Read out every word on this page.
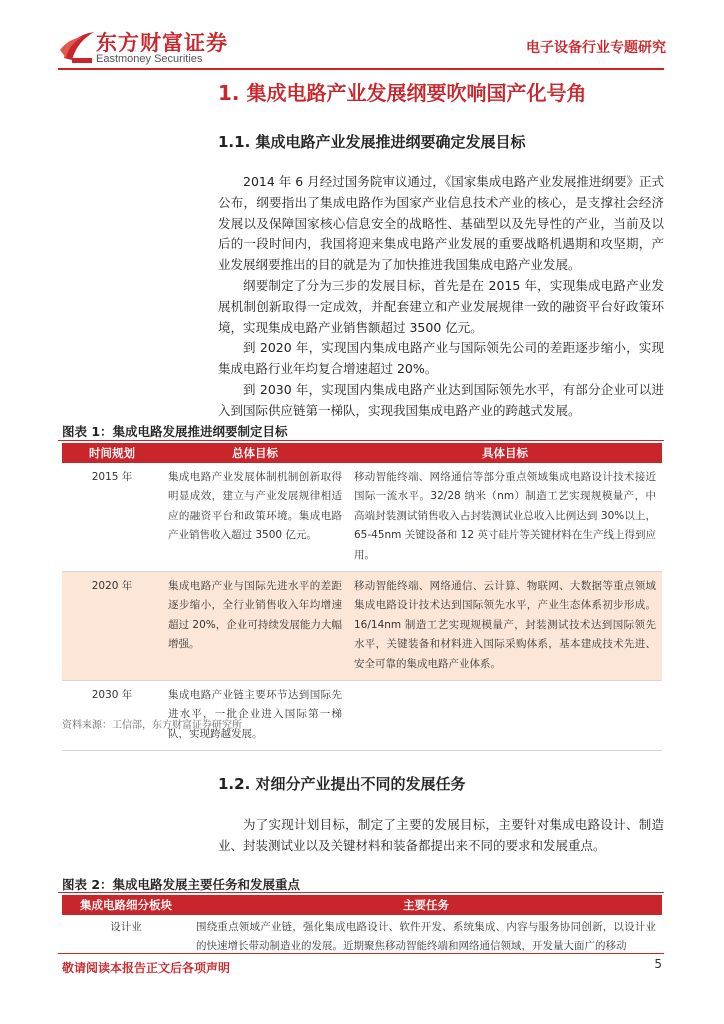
东方财富证券
Eastmoney Securities
电子设备行业专题研究
1. 集成电路产业发展纲要吹响国产化号角
1.1. 集成电路产业发展推进纲要确定发展目标

2014 年 6 月经过国务院审议通过，《国家集成电路产业发展推进纲要》正式公布，纲要指出了集成电路作为国家产业信息技术产业的核心，是支撑社会经济发展以及保障国家核心信息安全的战略性、基础型以及先导性的产业，当前及以后的一段时间内，我国将迎来集成电路产业发展的重要战略机遇期和攻坚期，产业发展纲要推出的目的就是为了加快推进我国集成电路产业发展。

纲要制定了分为三步的发展目标，首先是在 2015 年，实现集成电路产业发展机制创新取得一定成效，并配套建立和产业发展规律一致的融资平台好政策环境，实现集成电路产业销售额超过 3500 亿元。

到 2020 年，实现国内集成电路产业与国际领先公司的差距逐步缩小，实现集成电路行业年均复合增速超过 20%。

到 2030 年，实现国内集成电路产业达到国际领先水平，有部分企业可以进入到国际供应链第一梯队，实现我国集成电路产业的跨越式发展。

图表 1：集成电路发展推进纲要制定目标
时间规划	总体目标	具体目标
2015 年	集成电路产业发展体制机制创新取得明显成效，建立与产业发展规律相适应的融资平台和政策环境。集成电路产业销售收入超过 3500 亿元。	移动智能终端、网络通信等部分重点领域集成电路设计技术接近国际一流水平。32/28 纳米（nm）制造工艺实现规模量产，中高端封装测试销售收入占封装测试业总收入比例达到 30%以上，65-45nm 关键设备和 12 英寸硅片等关键材料在生产线上得到应用。
2020 年	集成电路产业与国际先进水平的差距逐步缩小，全行业销售收入年均增速超过 20%，企业可持续发展能力大幅增强。	移动智能终端、网络通信、云计算、物联网、大数据等重点领域集成电路设计技术达到国际领先水平，产业生态体系初步形成。16/14nm 制造工艺实现规模量产，封装测试技术达到国际领先水平，关键装备和材料进入国际采购体系，基本建成技术先进、安全可靠的集成电路产业体系。
2030 年	集成电路产业链主要环节达到国际先进水平，一批企业进入国际第一梯队，实现跨越发展。	
资料来源：工信部，东方财富证券研究所
1.2. 对细分产业提出不同的发展任务

为了实现计划目标，制定了主要的发展目标，主要针对集成电路设计、制造业、封装测试业以及关键材料和装备都提出来不同的要求和发展重点。

图表 2：集成电路发展主要任务和发展重点
集成电路细分板块	主要任务
设计业	围绕重点领域产业链，强化集成电路设计、软件开发、系统集成、内容与服务协同创新，以设计业的快速增长带动制造业的发展。近期聚焦移动智能终端和网络通信领域，开发量大面广的移动
敬请阅读本报告正文后各项声明	5
